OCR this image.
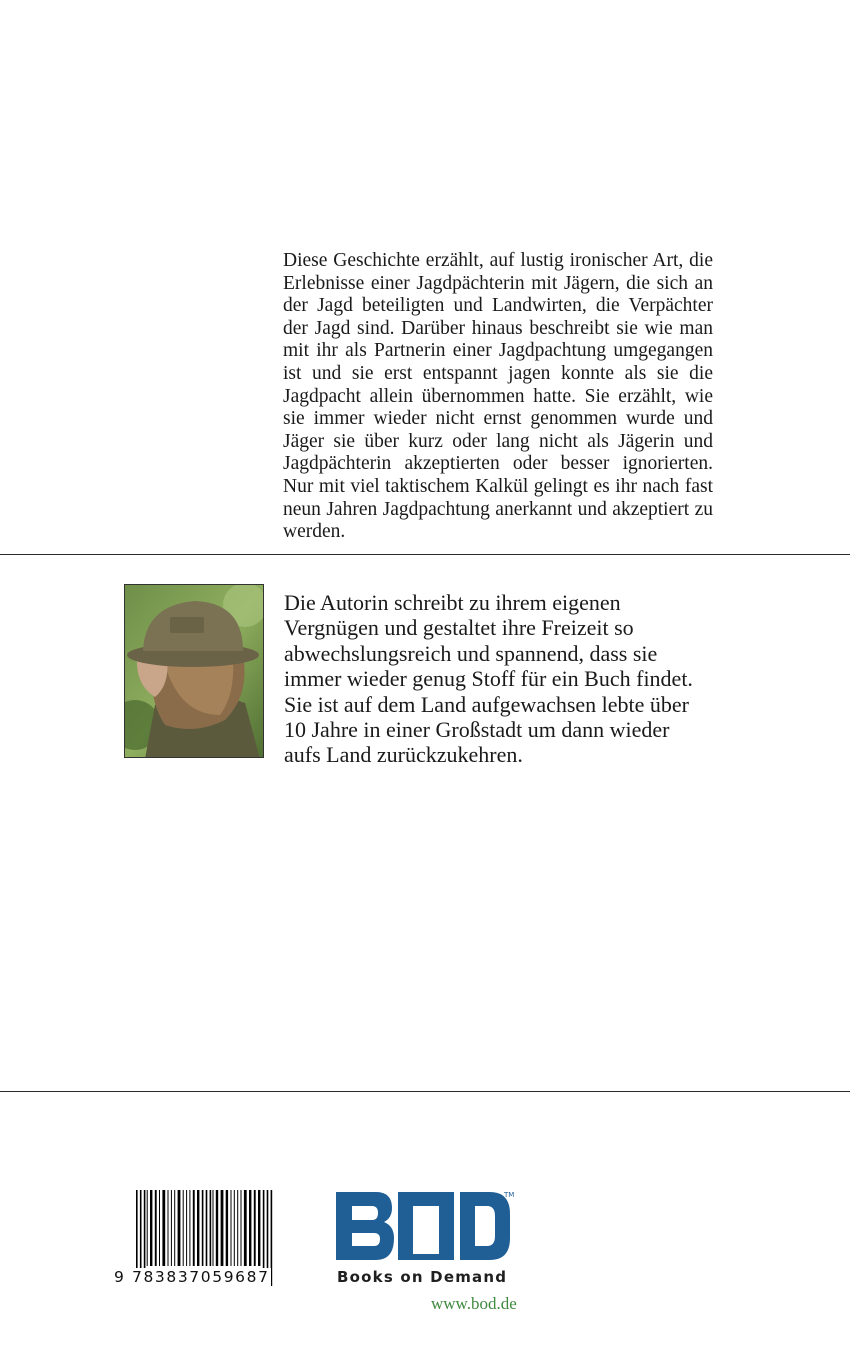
Diese Geschichte erzählt, auf lustig ironischer Art, die Erlebnisse einer Jagdpächterin mit Jägern, die sich an der Jagd beteiligten und Landwirten, die Verpächter der Jagd sind. Darüber hinaus beschreibt sie wie man mit ihr als Partnerin einer Jagdpachtung umgegangen ist und sie erst entspannt jagen konnte als sie die Jagdpacht allein übernommen hatte. Sie erzählt, wie sie immer wieder nicht ernst genommen wurde und Jäger sie über kurz oder lang nicht als Jägerin und Jagdpächterin akzeptierten oder besser ignorierten. Nur mit viel taktischem Kalkül gelingt es ihr nach fast neun Jahren Jagdpachtung anerkannt und akzeptiert zu werden.

Die Autorin schreibt zu ihrem eigenen Vergnügen und gestaltet ihre Freizeit so abwechslungsreich und spannend, dass sie immer wieder genug Stoff für ein Buch findet. Sie ist auf dem Land aufgewachsen lebte über 10 Jahre in einer Großstadt um dann wieder aufs Land zurückzukehren.

9 783837059687
TM
Books on Demand
www.bod.de
